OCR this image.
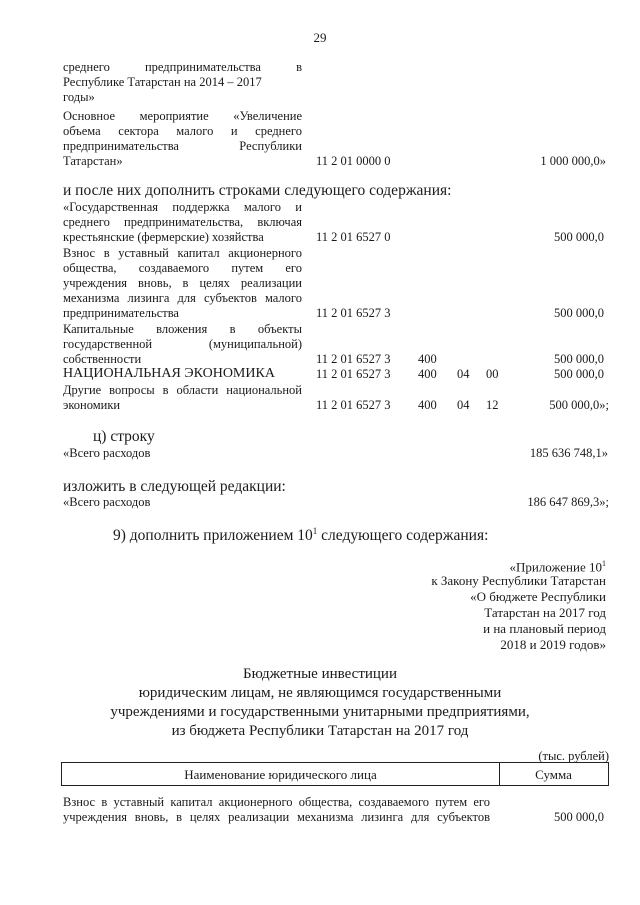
29
среднего предпринимательства в
Республике Татарстан на 2014 – 2017
годы»
Основное мероприятие «Увеличение
объема сектора малого и среднего
предпринимательства Республики
Татарстан»	11 2 01 0000 0	1 000 000,0»
и после них дополнить строками следующего содержания:
«Государственная поддержка малого и
среднего предпринимательства, включая
крестьянские (фермерские) хозяйства	11 2 01 6527 0	500 000,0
Взнос в уставный капитал акционерного
общества, создаваемого путем его
учреждения вновь, в целях реализации
механизма лизинга для субъектов малого
предпринимательства	11 2 01 6527 3	500 000,0
Капитальные вложения в объекты
государственной (муниципальной)
собственности	11 2 01 6527 3 400	500 000,0
НАЦИОНАЛЬНАЯ ЭКОНОМИКА	11 2 01 6527 3 400 04 00	500 000,0
Другие вопросы в области национальной
экономики	11 2 01 6527 3 400 04 12	500 000,0»;
ц) строку
«Всего расходов	185 636 748,1»
изложить в следующей редакции:
«Всего расходов	186 647 869,3»;
9) дополнить приложением $10^1$ следующего содержания:
«Приложение $10^1$
к Закону Республики Татарстан
«О бюджете Республики
Татарстан на 2017 год
и на плановый период
2018 и 2019 годов»
Бюджетные инвестиции
юридическим лицам, не являющимся государственными
учреждениями и государственными унитарными предприятиями,
из бюджета Республики Татарстан на 2017 год
(тыс. рублей)
Наименование юридического лица	Сумма
Взнос в уставный капитал акционерного общества, создаваемого путем его
учреждения вновь, в целях реализации механизма лизинга для субъектов	500 000,0
